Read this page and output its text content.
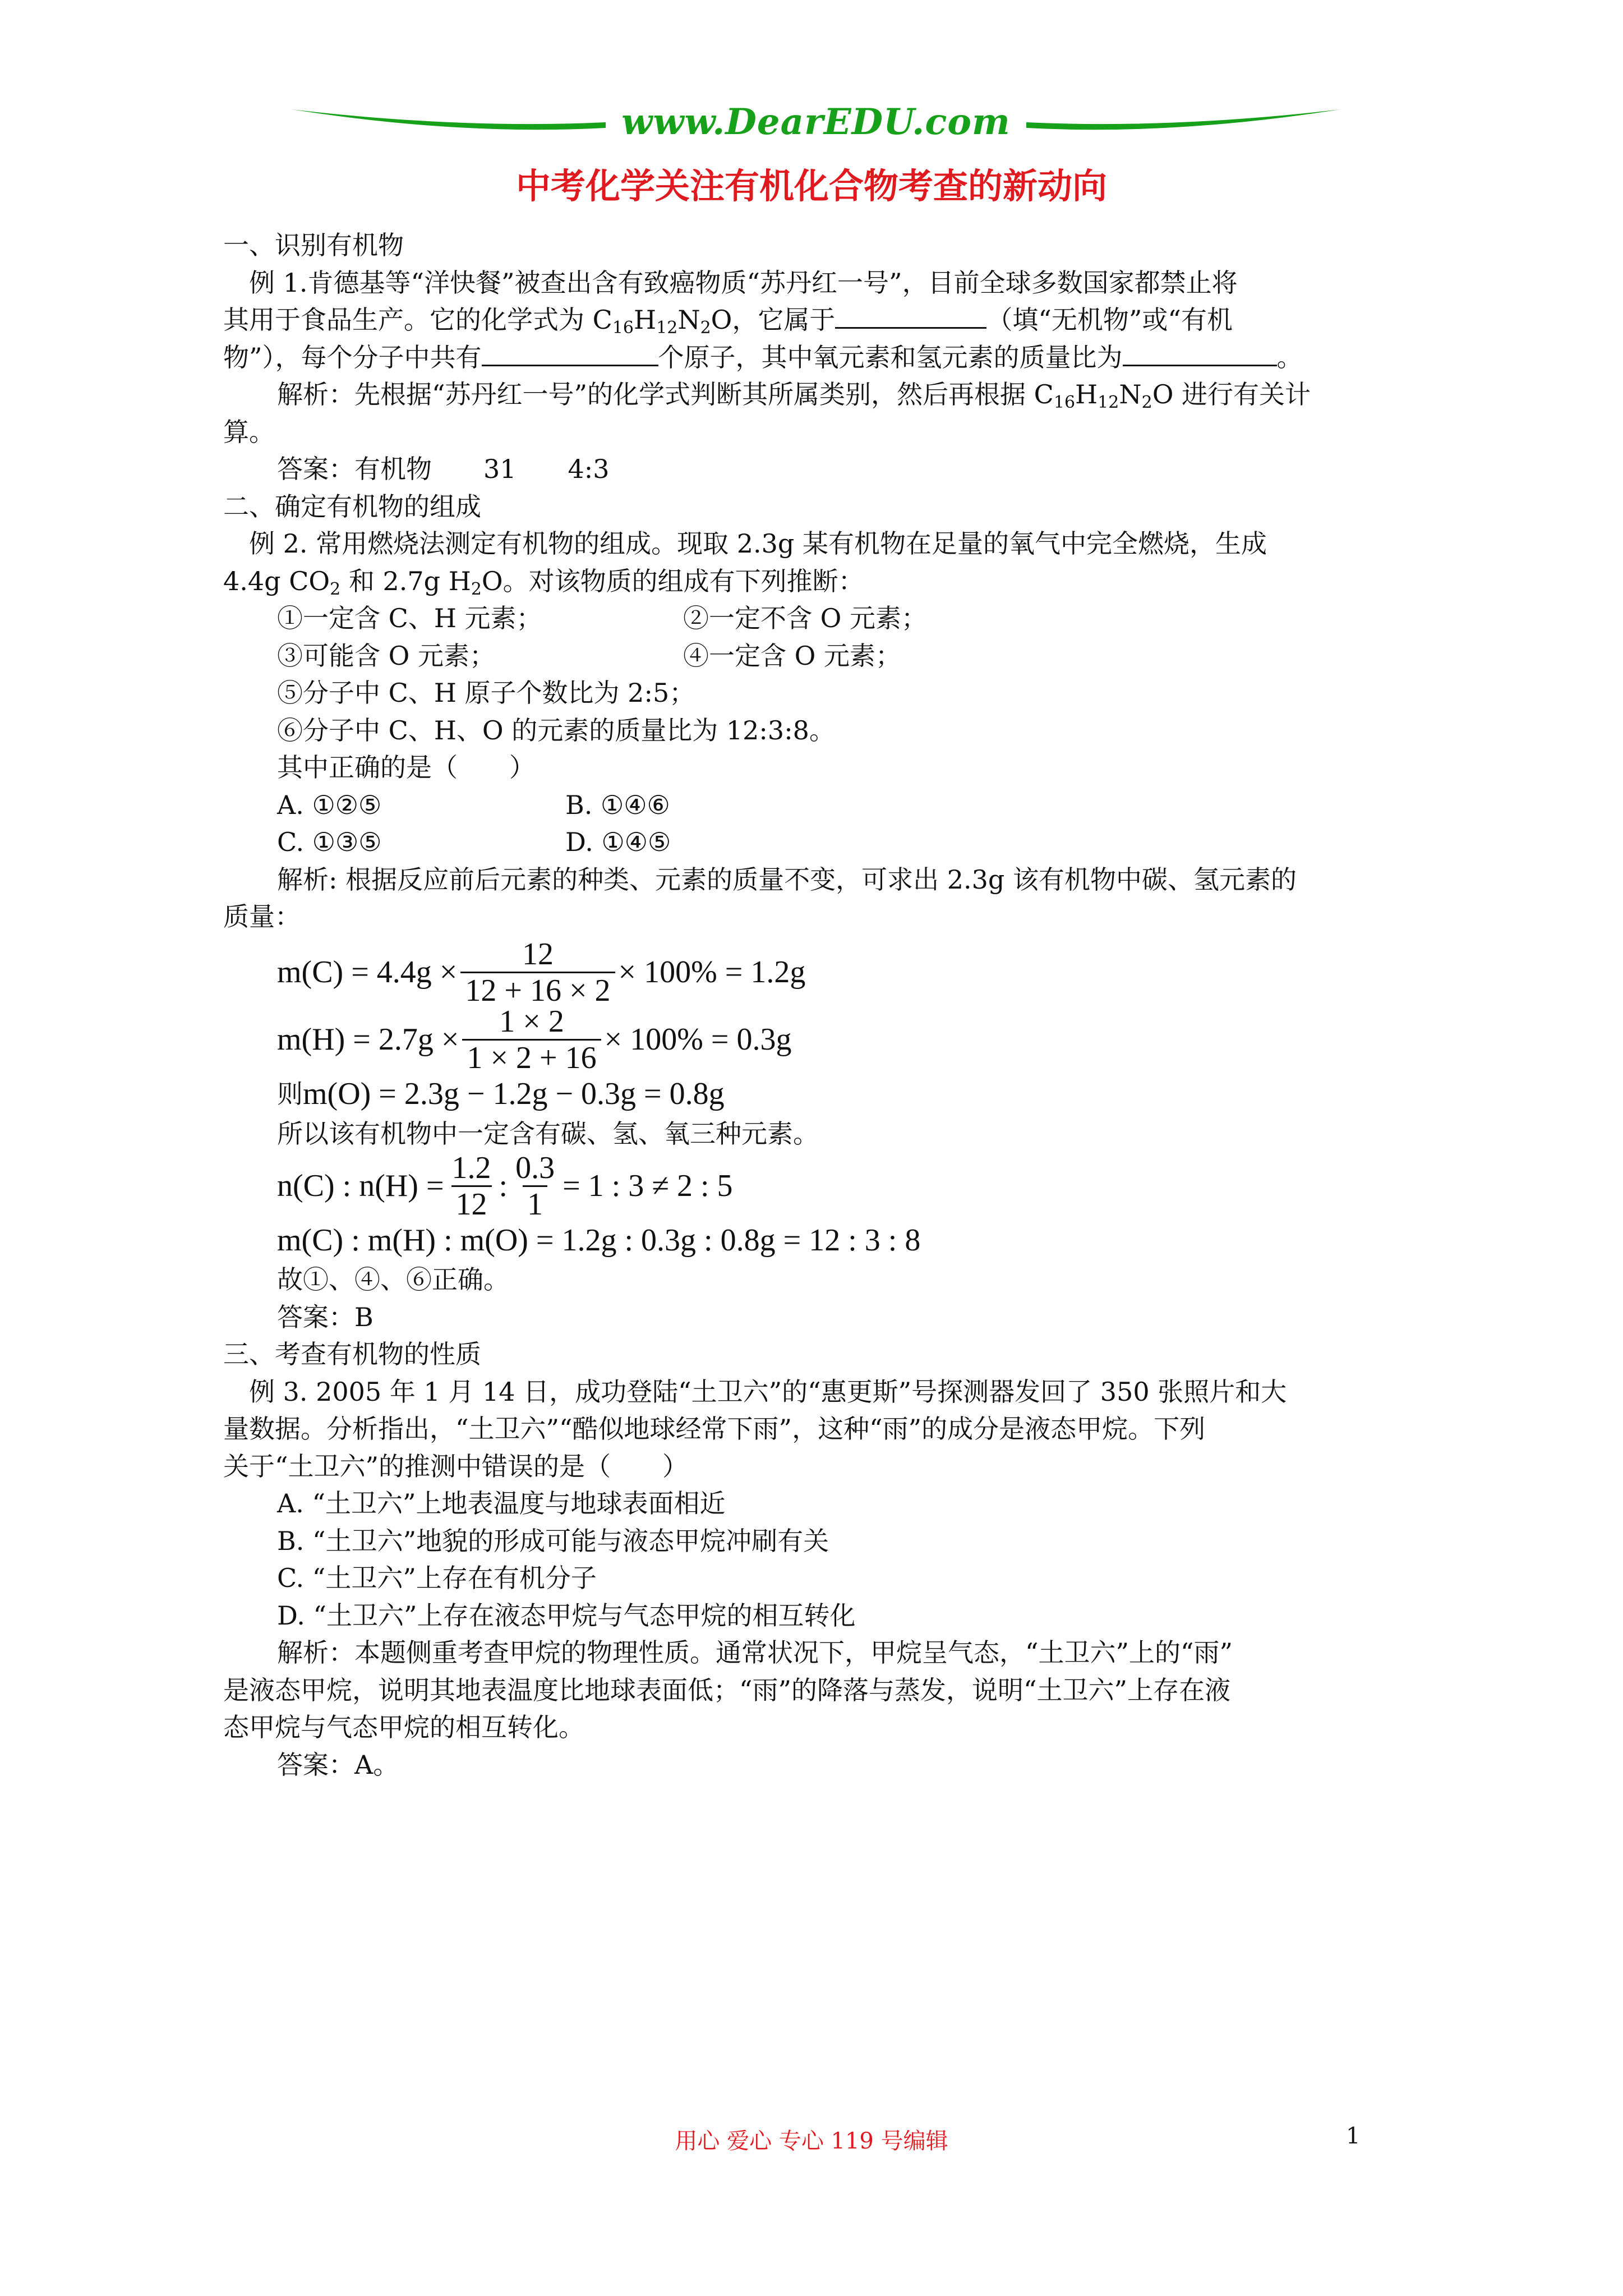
www.DearEDU.com
中考化学关注有机化合物考查的新动向
一、识别有机物
例 1.肯德基等“洋快餐”被查出含有致癌物质“苏丹红一号”，目前全球多数国家都禁止将
其用于食品生产。它的化学式为 $C_{16}H_{12}N_2O$，它属于	（填“无机物”或“有机
物”），每个分子中共有	个原子，其中氧元素和氢元素的质量比为	。
解析：先根据“苏丹红一号”的化学式判断其所属类别，然后再根据 $C_{16}H_{12}N_2O$ 进行有关计
算。
答案：有机物　　31　　4:3
二、确定有机物的组成
例 2. 常用燃烧法测定有机物的组成。现取 2.3g 某有机物在足量的氧气中完全燃烧，生成
4.4g $CO_2$ 和 2.7g $H_2O$。对该物质的组成有下列推断：
①一定含 C、H 元素；	②一定不含 O 元素；
③可能含 O 元素；	④一定含 O 元素；
⑤分子中 C、H 原子个数比为 2:5；
⑥分子中 C、H、O 的元素的质量比为 12:3:8。
其中正确的是（　　）
A. ①②⑤	B. ①④⑥
C. ①③⑤	D. ①④⑤
解析: 根据反应前后元素的种类、元素的质量不变，可求出 2.3g 该有机物中碳、氢元素的
质量：
$m(C) = 4.4g \times \frac{12}{12 + 16 \times 2} \times 100\% = 1.2g$
$m(H) = 2.7g \times \frac{1 \times 2}{1 \times 2 + 16} \times 100\% = 0.3g$
则 m(O) = 2.3g − 1.2g − 0.3g = 0.8g
所以该有机物中一定含有碳、氢、氧三种元素。
n(C) : $n(H) = \frac{1.2}{12}$ : $\frac{0.3}{1} = 1$ : 3 ≠ 2 : 5
m(C) : m(H) : m(O) = 1.2g : 0.3g : 0.8g = 12 : 3 : 8
故①、④、⑥正确。
答案：B
三、考查有机物的性质
例 3. 2005 年 1 月 14 日，成功登陆“土卫六”的“惠更斯”号探测器发回了 350 张照片和大
量数据。分析指出，“土卫六”“酷似地球经常下雨”，这种“雨”的成分是液态甲烷。下列
关于“土卫六”的推测中错误的是（　　）
A. “土卫六”上地表温度与地球表面相近
B. “土卫六”地貌的形成可能与液态甲烷冲刷有关
C. “土卫六”上存在有机分子
D. “土卫六”上存在液态甲烷与气态甲烷的相互转化
解析：本题侧重考查甲烷的物理性质。通常状况下，甲烷呈气态，“土卫六”上的“雨”
是液态甲烷，说明其地表温度比地球表面低；“雨”的降落与蒸发，说明“土卫六”上存在液
态甲烷与气态甲烷的相互转化。
答案：A。
用心 爱心 专心 119 号编辑	1
